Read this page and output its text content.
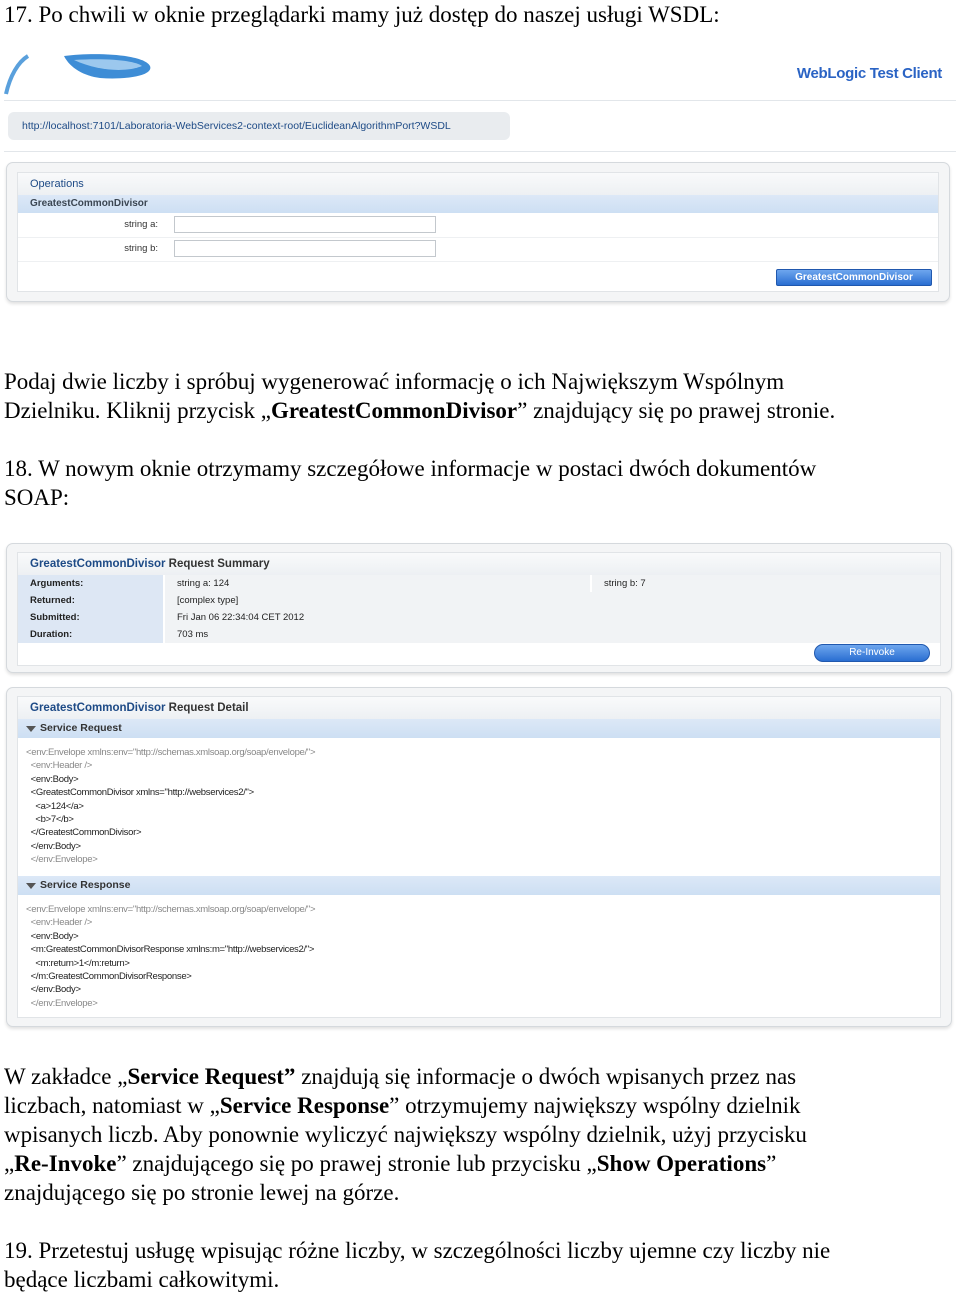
17. Po chwili w oknie przeglądarki mamy już dostęp do naszej usługi WSDL:

WebLogic Test Client
http://localhost:7101/Laboratoria-WebServices2-context-root/EuclideanAlgorithmPort?WSDL
Operations
GreatestCommonDivisor
string a:
string b:
GreatestCommonDivisor

Podaj dwie liczby i spróbuj wygenerować informację o ich Największym Wspólnym

Dzielniku. Kliknij przycisk „GreatestCommonDivisor” znajdujący się po prawej stronie.

18. W nowym oknie otrzymamy szczegółowe informacje w postaci dwóch dokumentów

SOAP:

GreatestCommonDivisor Request Summary
Arguments:	string a: 124	string b: 7
Returned:	[complex type]
Submitted:	Fri Jan 06 22:34:04 CET 2012
Duration:	703 ms
Re-Invoke
GreatestCommonDivisor Request Detail
Service Request
<env:Envelope xmlns:env="http://schemas.xmlsoap.org/soap/envelope/">
<env:Header />
<env:Body>
<GreatestCommonDivisor xmlns="http://webservices2/">
<a>124</a>
<b>7</b>
</GreatestCommonDivisor>
</env:Body>
</env:Envelope>
Service Response
<env:Envelope xmlns:env="http://schemas.xmlsoap.org/soap/envelope/">
<env:Header />
<env:Body>
<m:GreatestCommonDivisorResponse xmlns:m="http://webservices2/">
<m:return>1</m:return>
</m:GreatestCommonDivisorResponse>
</env:Body>
</env:Envelope>

W zakładce „Service Request” znajdują się informacje o dwóch wpisanych przez nas

liczbach, natomiast w „Service Response” otrzymujemy największy wspólny dzielnik

wpisanych liczb. Aby ponownie wyliczyć największy wspólny dzielnik, użyj przycisku

„Re-Invoke” znajdującego się po prawej stronie lub przycisku „Show Operations”

znajdującego się po stronie lewej na górze.

19. Przetestuj usługę wpisując różne liczby, w szczególności liczby ujemne czy liczby nie

będące liczbami całkowitymi.
